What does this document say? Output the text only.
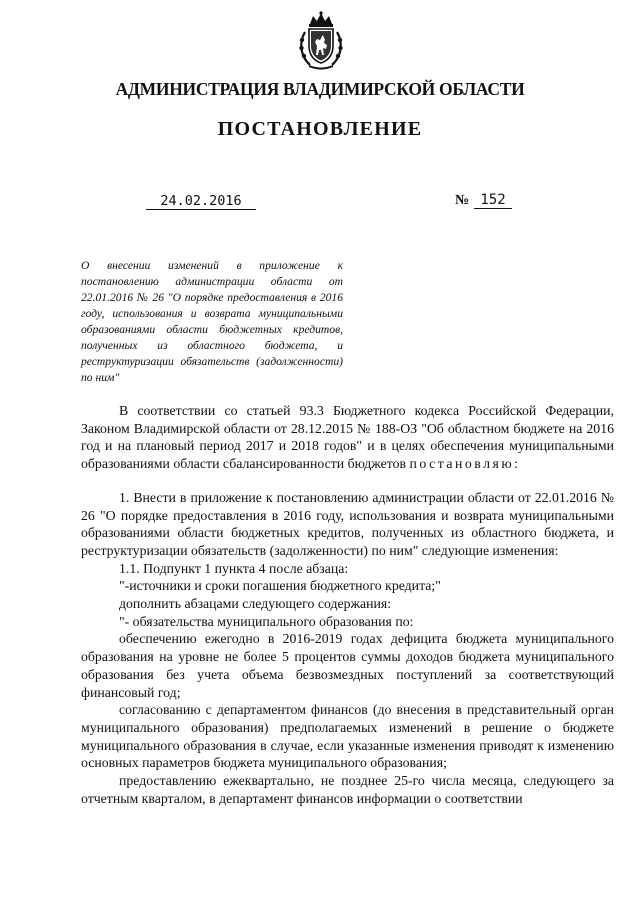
АДМИНИСТРАЦИЯ ВЛАДИМИРСКОЙ ОБЛАСТИ
ПОСТАНОВЛЕНИЕ
24.02.2016	№ 152
О внесении изменений в приложение к постановлению администрации области от 22.01.2016 № 26 "О порядке предоставления в 2016 году, использования и возврата муниципальными образованиями области бюджетных кредитов, полученных из областного бюджета, и реструктуризации обязательств (задолженности) по ним"

В соответствии со статьей 93.3 Бюджетного кодекса Российской Федерации, Законом Владимирской области от 28.12.2015 № 188-ОЗ "Об областном бюджете на 2016 год и на плановый период 2017 и 2018 годов" и в целях обеспечения муниципальными образованиями области сбалансированности бюджетов постановляю:

1. Внести в приложение к постановлению администрации области от 22.01.2016 № 26 "О порядке предоставления в 2016 году, использования и возврата муниципальными образованиями области бюджетных кредитов, полученных из областного бюджета, и реструктуризации обязательств (задолженности) по ним" следующие изменения:

1.1. Подпункт 1 пункта 4 после абзаца:

"-источники и сроки погашения бюджетного кредита;"

дополнить абзацами следующего содержания:

"- обязательства муниципального образования по:

обеспечению ежегодно в 2016-2019 годах дефицита бюджета муниципального образования на уровне не более 5 процентов суммы доходов бюджета муниципального образования без учета объема безвозмездных поступлений за соответствующий финансовый год;

согласованию с департаментом финансов (до внесения в представительный орган муниципального образования) предполагаемых изменений в решение о бюджете муниципального образования в случае, если указанные изменения приводят к изменению основных параметров бюджета муниципального образования;

предоставлению ежеквартально, не позднее 25-го числа месяца, следующего за отчетным кварталом, в департамент финансов информации о соответствии
